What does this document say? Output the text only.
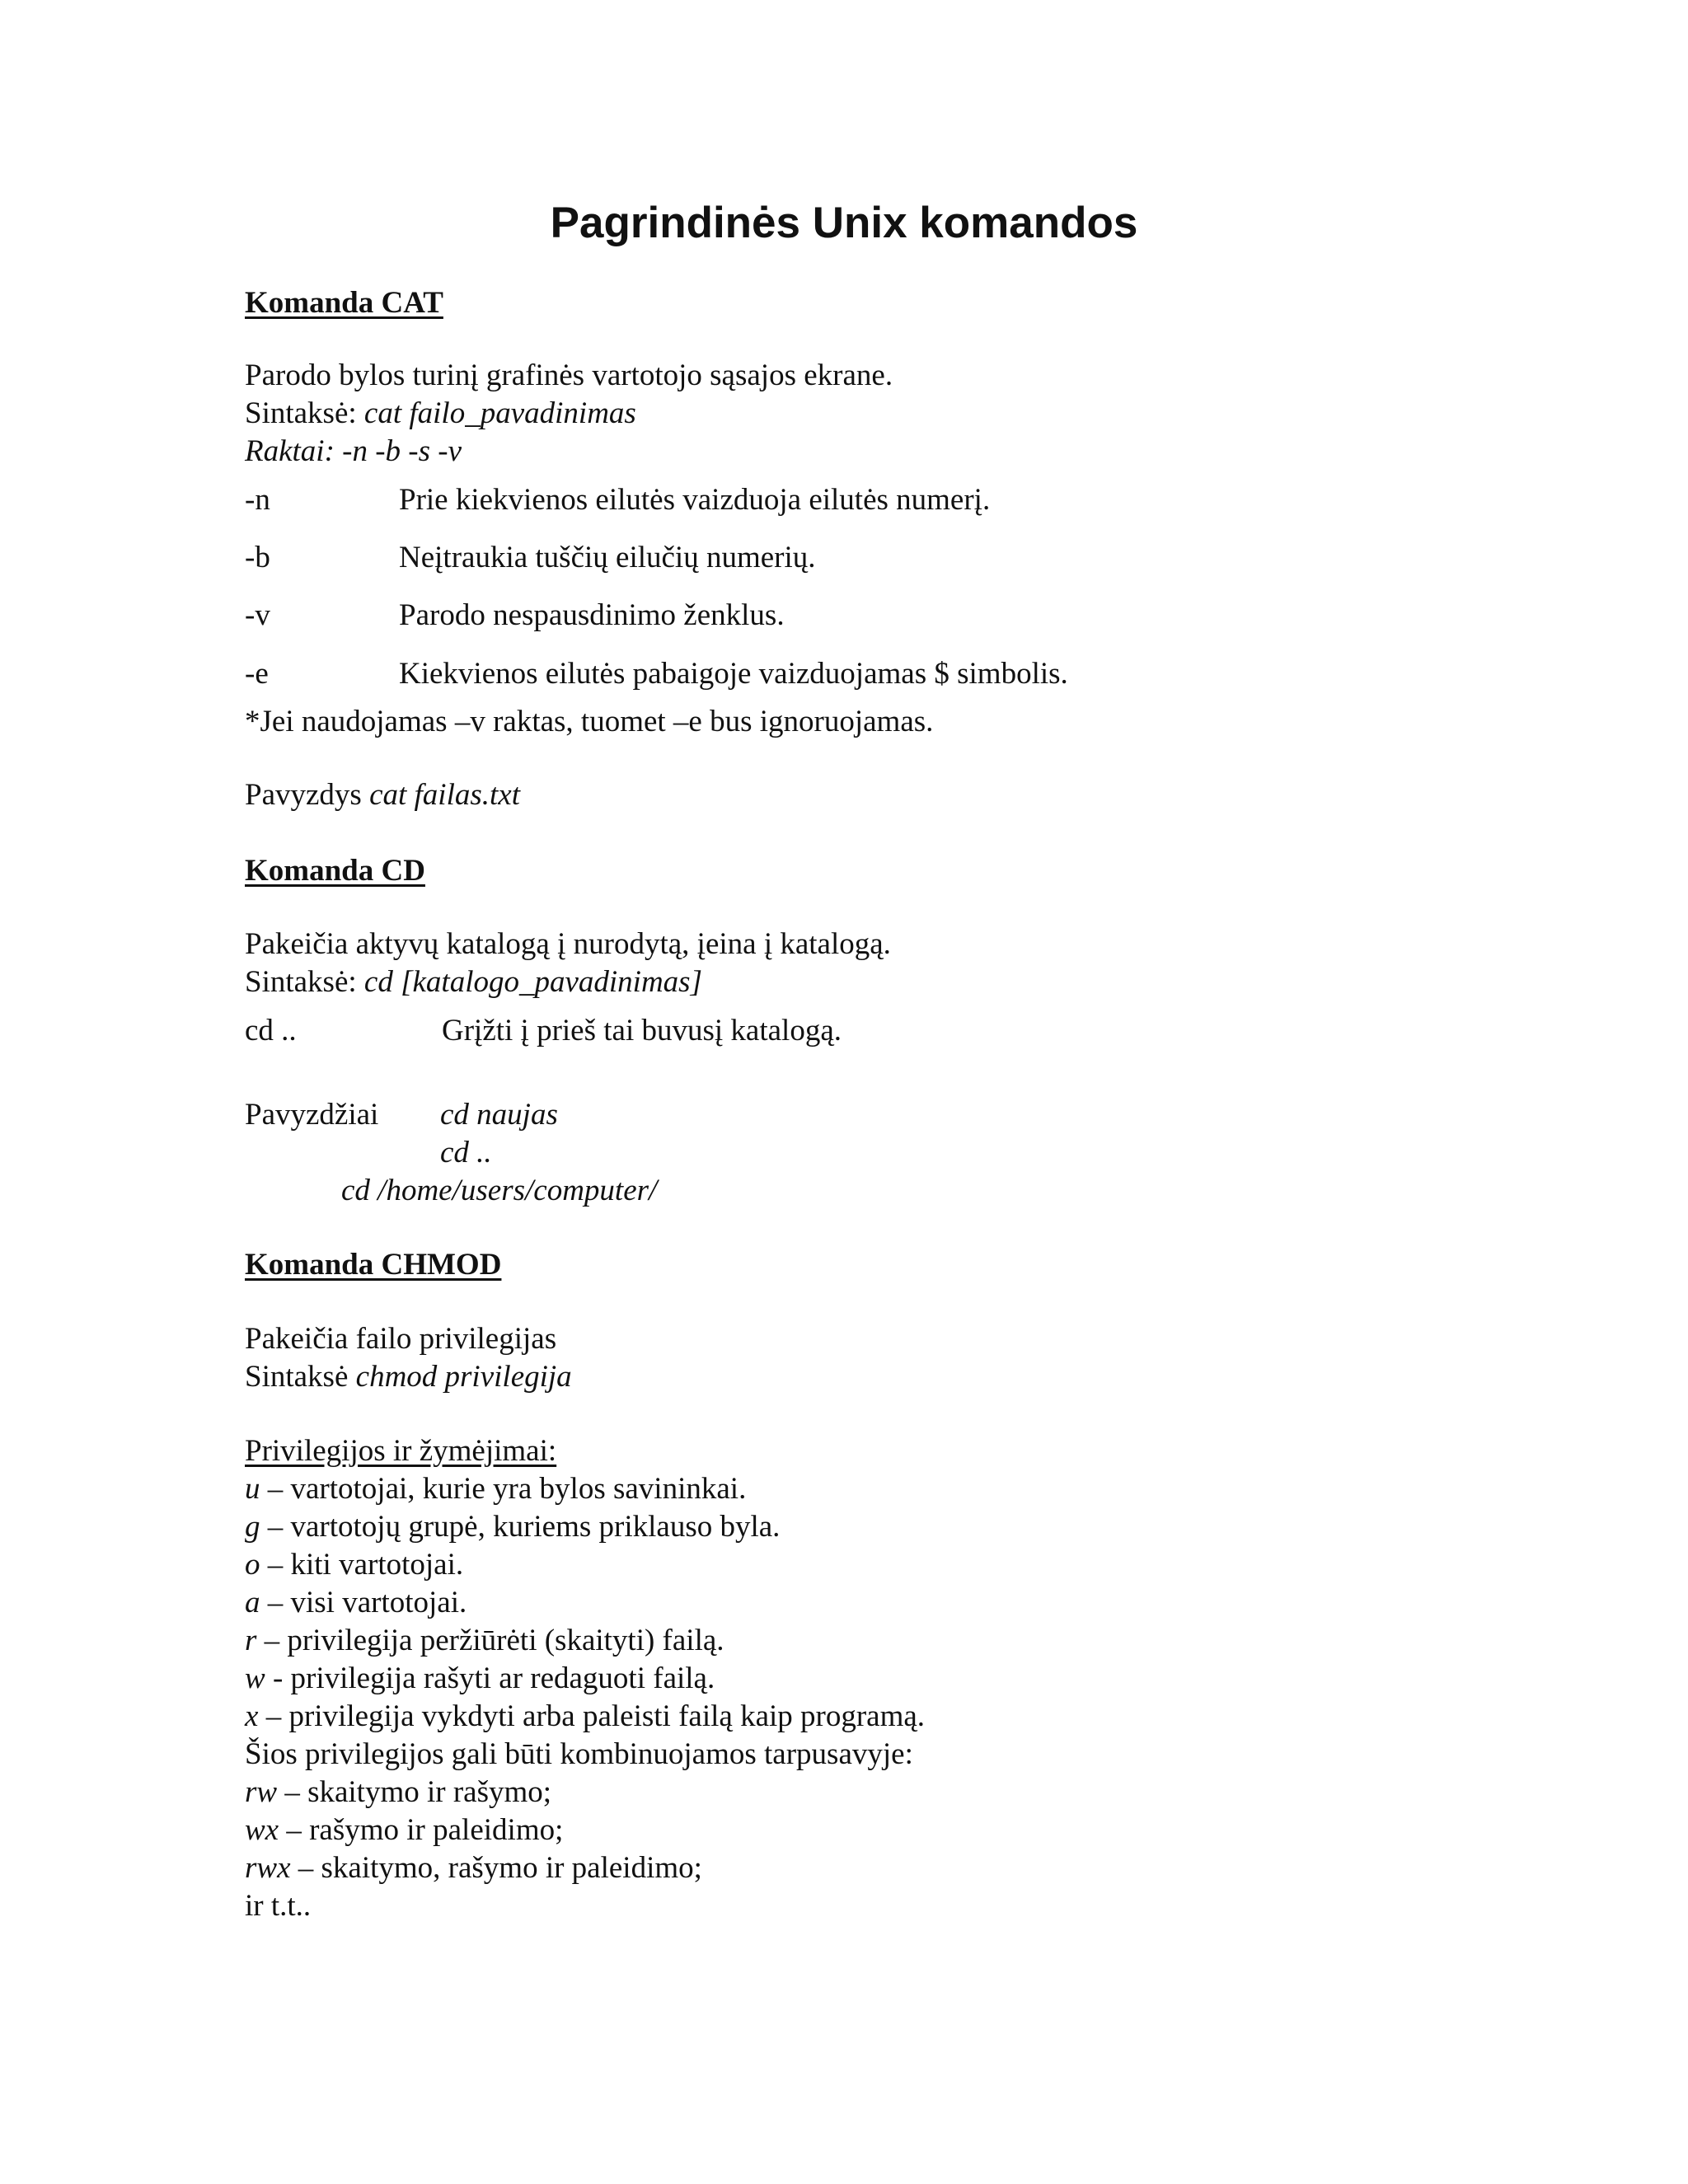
Pagrindinės Unix komandos
Komanda CAT
Parodo bylos turinį grafinės vartotojo sąsajos ekrane.
Sintaksė: cat failo_pavadinimas
Raktai: -n -b -s -v
-n	Prie kiekvienos eilutės vaizduoja eilutės numerį.
-b	Neįtraukia tuščių eilučių numerių.
-v	Parodo nespausdinimo ženklus.
-e	Kiekvienos eilutės pabaigoje vaizduojamas $ simbolis.
*Jei naudojamas –v raktas, tuomet –e bus ignoruojamas.
Pavyzdys cat failas.txt
Komanda CD
Pakeičia aktyvų katalogą į nurodytą, įeina į katalogą.
Sintaksė: cd [katalogo_pavadinimas]
cd ..	Grįžti į prieš tai buvusį katalogą.
Pavyzdžiai cd naujas
cd ..
cd /home/users/computer/
Komanda CHMOD
Pakeičia failo privilegijas
Sintaksė chmod privilegija
Privilegijos ir žymėjimai:
u – vartotojai, kurie yra bylos savininkai.
g – vartotojų grupė, kuriems priklauso byla.
o – kiti vartotojai.
a – visi vartotojai.
r – privilegija peržiūrėti (skaityti) failą.
w - privilegija rašyti ar redaguoti failą.
x – privilegija vykdyti arba paleisti failą kaip programą.
Šios privilegijos gali būti kombinuojamos tarpusavyje:
rw – skaitymo ir rašymo;
wx – rašymo ir paleidimo;
rwx – skaitymo, rašymo ir paleidimo;
ir t.t..
